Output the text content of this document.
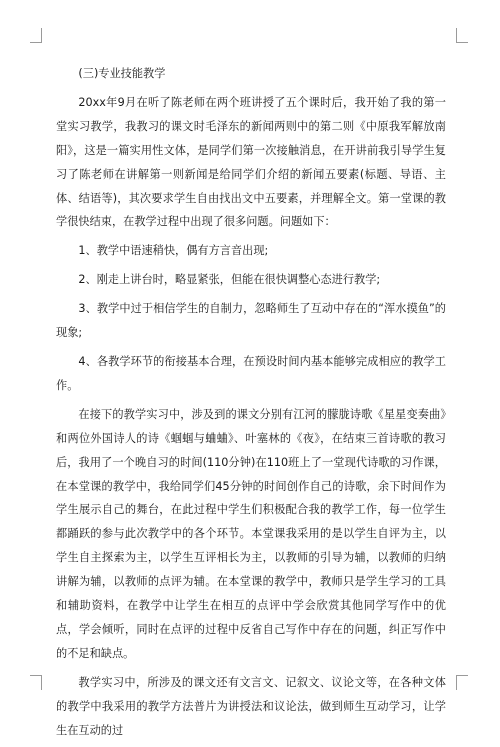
(三)专业技能教学

20xx年9月在听了陈老师在两个班讲授了五个课时后，我开始了我的第一堂实习教学，我教习的课文时毛泽东的新闻两则中的第二则《中原我军解放南阳》，这是一篇实用性文体，是同学们第一次接触消息，在开讲前我引导学生复习了陈老师在讲解第一则新闻是给同学们介绍的新闻五要素(标题、导语、主体、结语等)，其次要求学生自由找出文中五要素，并理解全文。第一堂课的教学很快结束，在教学过程中出现了很多问题。问题如下：

1、教学中语速稍快，偶有方言音出现;

2、刚走上讲台时，略显紧张，但能在很快调整心态进行教学;

3、教学中过于相信学生的自制力，忽略师生了互动中存在的“浑水摸鱼”的现象;

4、各教学环节的衔接基本合理，在预设时间内基本能够完成相应的教学工作。

在接下的教学实习中，涉及到的课文分别有江河的朦胧诗歌《星星变奏曲》和两位外国诗人的诗《蝈蝈与蛐蛐》、叶塞林的《夜》，在结束三首诗歌的教习后，我用了一个晚自习的时间(110分钟)在110班上了一堂现代诗歌的习作课，在本堂课的教学中，我给同学们45分钟的时间创作自己的诗歌，余下时间作为学生展示自己的舞台，在此过程中学生们积极配合我的教学工作，每一位学生都踊跃的参与此次教学中的各个环节。本堂课我采用的是以学生自评为主，以学生自主探索为主，以学生互评相长为主，以教师的引导为辅，以教师的归纳讲解为辅，以教师的点评为辅。在本堂课的教学中，教师只是学生学习的工具和辅助资料，在教学中让学生在相互的点评中学会欣赏其他同学写作中的优点，学会倾听，同时在点评的过程中反省自己写作中存在的问题，纠正写作中的不足和缺点。

教学实习中，所涉及的课文还有文言文、记叙文、议论文等，在各种文体的教学中我采用的教学方法普片为讲授法和议论法，做到师生互动学习，让学生在互动的过
